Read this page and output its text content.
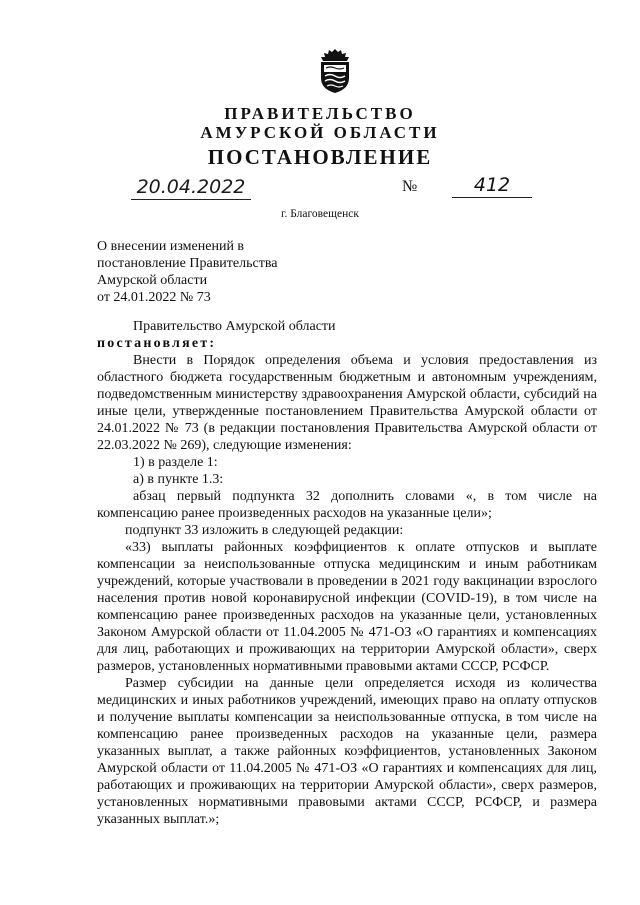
ПРАВИТЕЛЬСТВО
АМУРСКОЙ ОБЛАСТИ
ПОСТАНОВЛЕНИЕ
20.04.2022	№	412
г. Благовещенск
О внесении изменений в
постановление Правительства
Амурской области
от 24.01.2022 № 73

Правительство Амурской области

постановляет:

Внести в Порядок определения объема и условия предоставления из областного бюджета государственным бюджетным и автономным учреждениям, подведомственным министерству здравоохранения Амурской области, субсидий на иные цели, утвержденные постановлением Правительства Амурской области от 24.01.2022 № 73 (в редакции постановления Правительства Амурской области от 22.03.2022 № 269), следующие изменения:

1) в разделе 1:

а) в пункте 1.3:

абзац первый подпункта 32 дополнить словами «, в том числе на компенсацию ранее произведенных расходов на указанные цели»;

подпункт 33 изложить в следующей редакции:

«33) выплаты районных коэффициентов к оплате отпусков и выплате компенсации за неиспользованные отпуска медицинским и иным работникам учреждений, которые участвовали в проведении в 2021 году вакцинации взрослого населения против новой коронавирусной инфекции (COVID-19), в том числе на компенсацию ранее произведенных расходов на указанные цели, установленных Законом Амурской области от 11.04.2005 № 471-ОЗ «О гарантиях и компенсациях для лиц, работающих и проживающих на территории Амурской области», сверх размеров, установленных нормативными правовыми актами СССР, РСФСР.

Размер субсидии на данные цели определяется исходя из количества медицинских и иных работников учреждений, имеющих право на оплату отпусков и получение выплаты компенсации за неиспользованные отпуска, в том числе на компенсацию ранее произведенных расходов на указанные цели, размера указанных выплат, а также районных коэффициентов, установленных Законом Амурской области от 11.04.2005 № 471-ОЗ «О гарантиях и компенсациях для лиц, работающих и проживающих на территории Амурской области», сверх размеров, установленных нормативными правовыми актами СССР, РСФСР, и размера указанных выплат.»;
